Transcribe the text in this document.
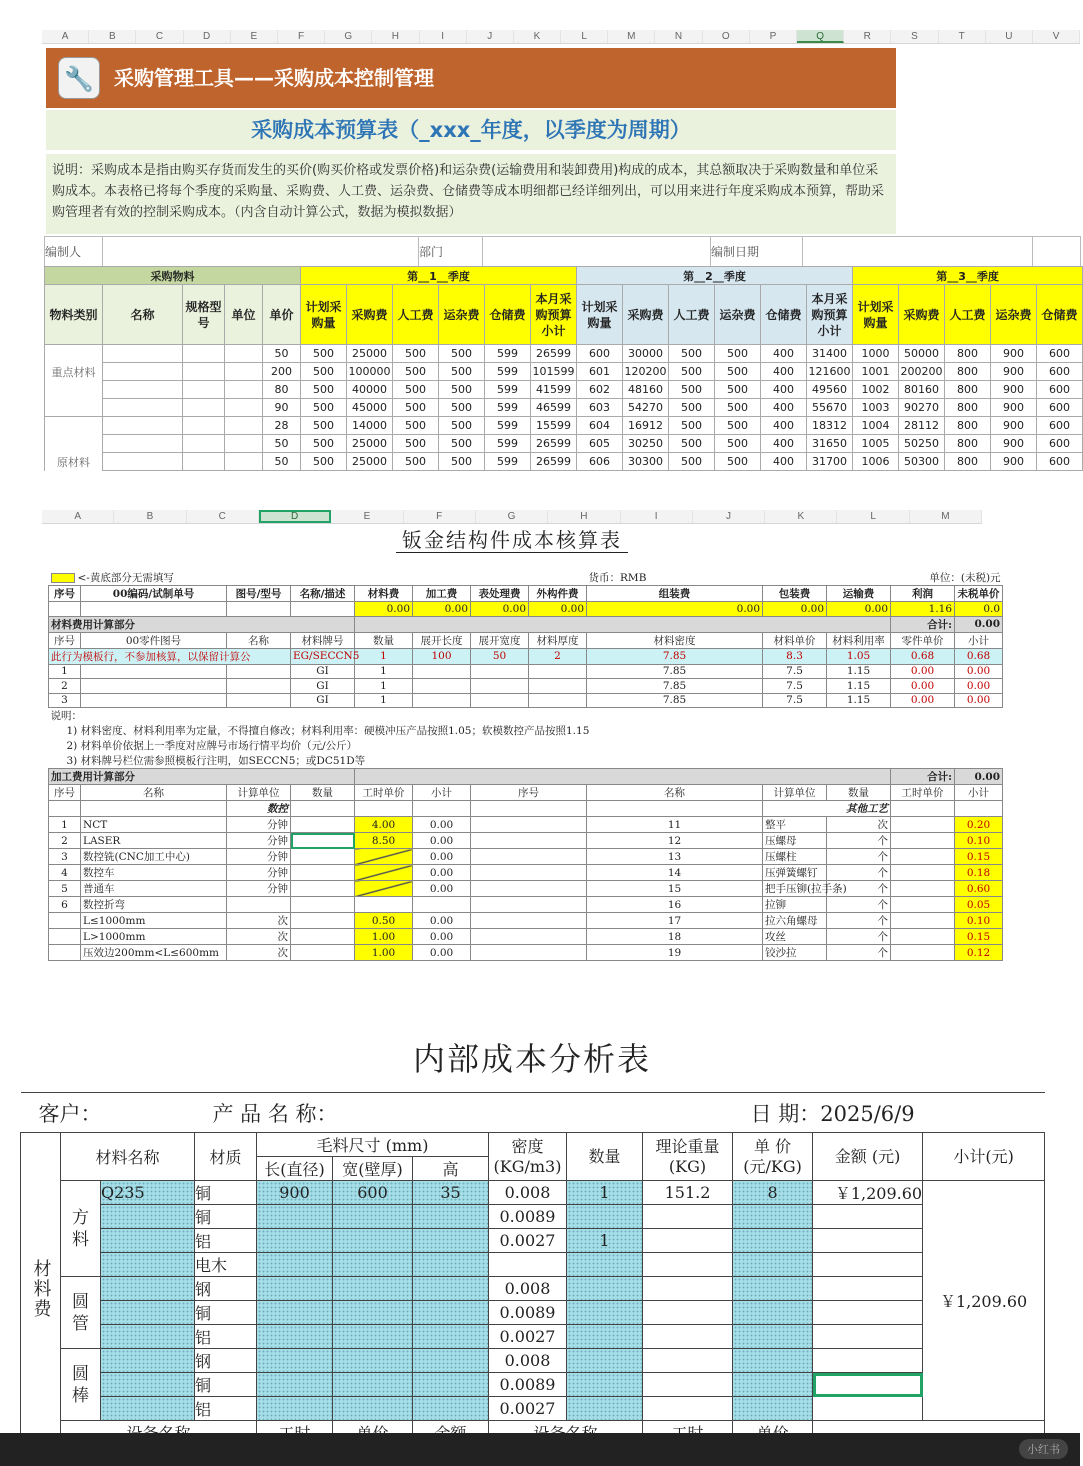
A	B	C	D	E	F	G	H	I	J	K	L	M	N	O	P	Q	R	S	T	U	V
🔧	采购管理工具——采购成本控制管理
采购成本预算表（_xxx_年度，以季度为周期）
说明：采购成本是指由购买存货而发生的买价(购买价格或发票价格)和运杂费(运输费用和装卸费用)构成的成本，其总额取决于采购数量和单位采购成本。本表格已将每个季度的采购量、采购费、人工费、运杂费、仓储费等成本明细都已经详细列出，可以用来进行年度采购成本预算，帮助采购管理者有效的控制采购成本。（内含自动计算公式，数据为模拟数据）
编制人		部门		编制日期		
采购物料					第__1__季度						第__2__季度						第__3__季度				
物料类别	名称	规格型号	单位	单价	计划采购量	采购费	人工费	运杂费	仓储费	本月采购预算小计	计划采购量	采购费	人工费	运杂费	仓储费	本月采购预算小计	计划采购量	采购费	人工费	运杂费	仓储费
				50	500	25000	500	500	599	26599	600	30000	500	500	400	31400	1000	50000	800	900	600
重点材料				200	500	100000	500	500	599	101599	601	120200	500	500	400	121600	1001	200200	800	900	600
				80	500	40000	500	500	599	41599	602	48160	500	500	400	49560	1002	80160	800	900	600
				90	500	45000	500	500	599	46599	603	54270	500	500	400	55670	1003	90270	800	900	600
				28	500	14000	500	500	599	15599	604	16912	500	500	400	18312	1004	28112	800	900	600
				50	500	25000	500	500	599	26599	605	30250	500	500	400	31650	1005	50250	800	900	600
原材料				50	500	25000	500	500	599	26599	606	30300	500	500	400	31700	1006	50300	800	900	600
A	B	C	D	E	F	G	H	I	J	K	L	M
钣金结构件成本核算表
<-黄底部分无需填写								货币：RMB			单位：(未税)元		
序号	00编码/试制单号	图号/型号	名称/描述	材料费	加工费	表处理费	外构件费	组装费	包装费	运输费	利润	未税单价	
				0.00	0.00	0.00	0.00	0.00	0.00	0.00	1.16	0.0	
材料费用计算部分											合计:	0.00	
序号	00零件图号	名称	材料牌号	数量	展开长度	展开宽度	材料厚度	材料密度	材料单价	材料利用率	零件单价	小计	
此行为模板行，不参加核算，以保留计算公			EG/SECCN5	1	100	50	2	7.85	8.3	1.05	0.68	0.68	
1			GI	1				7.85	7.5	1.15	0.00	0.00	
2			GI	1				7.85	7.5	1.15	0.00	0.00	
3			GI	1				7.85	7.5	1.15	0.00	0.00	
说明：													
1) 材料密度、材料利用率为定量，不得擅自修改；材料利用率：硬模冲压产品按照1.05；软模数控产品按照1.15													
2) 材料单价依据上一季度对应牌号市场行情平均价（元/公斤）													
3) 材料牌号栏位需参照模板行注明，如SECCN5；或DC51D等													
加工费用计算部分											合计:	0.00	
序号	名称	计算单位	数量	工时单价	小计	序号		名称	计算单位	数量	工时单价	小计	
		数控							其他工艺				
1	NCT	分钟		4.00	0.00			11	整平	次		0.20	
2	LASER	分钟		8.50	0.00			12	压螺母	个		0.10	
3	数控铣(CNC加工中心)	分钟			0.00			13	压螺柱	个		0.15	
4	数控车	分钟			0.00			14	压弹簧螺钉	个		0.18	
5	普通车	分钟			0.00			15	把手压铆(拉手条)	个		0.60	
6	数控折弯							16	拉铆	个		0.05	
	L≤1000mm	次		0.50	0.00			17	拉六角螺母	个		0.10	
	L>1000mm	次		1.00	0.00			18	攻丝	个		0.15	
	压效边200mm<L≤600mm	次		1.00	0.00			19	铰沙拉	个		0.12	
内部成本分析表
客户：			产 品 名 称：							日 期：2025/6/9		

材料费	材料名称		材质	毛料尺寸 (mm)			密度(KG/m3)	数量	理论重量(KG)	单 价(元/KG)	金额 (元)	小计(元)
				长(直径)	宽(壁厚)	高						
	方料	Q235	铜	900	600	35	0.008	1	151.2	8	￥1,209.60	￥1,209.60
			铜				0.0089					
			铝				0.0027	1				
			电木									
	圆管		钢				0.008					
			铜				0.0089					
			铝				0.0027					
	圆棒		钢				0.008					
			铜				0.0089					
			铝				0.0027					

小红书
